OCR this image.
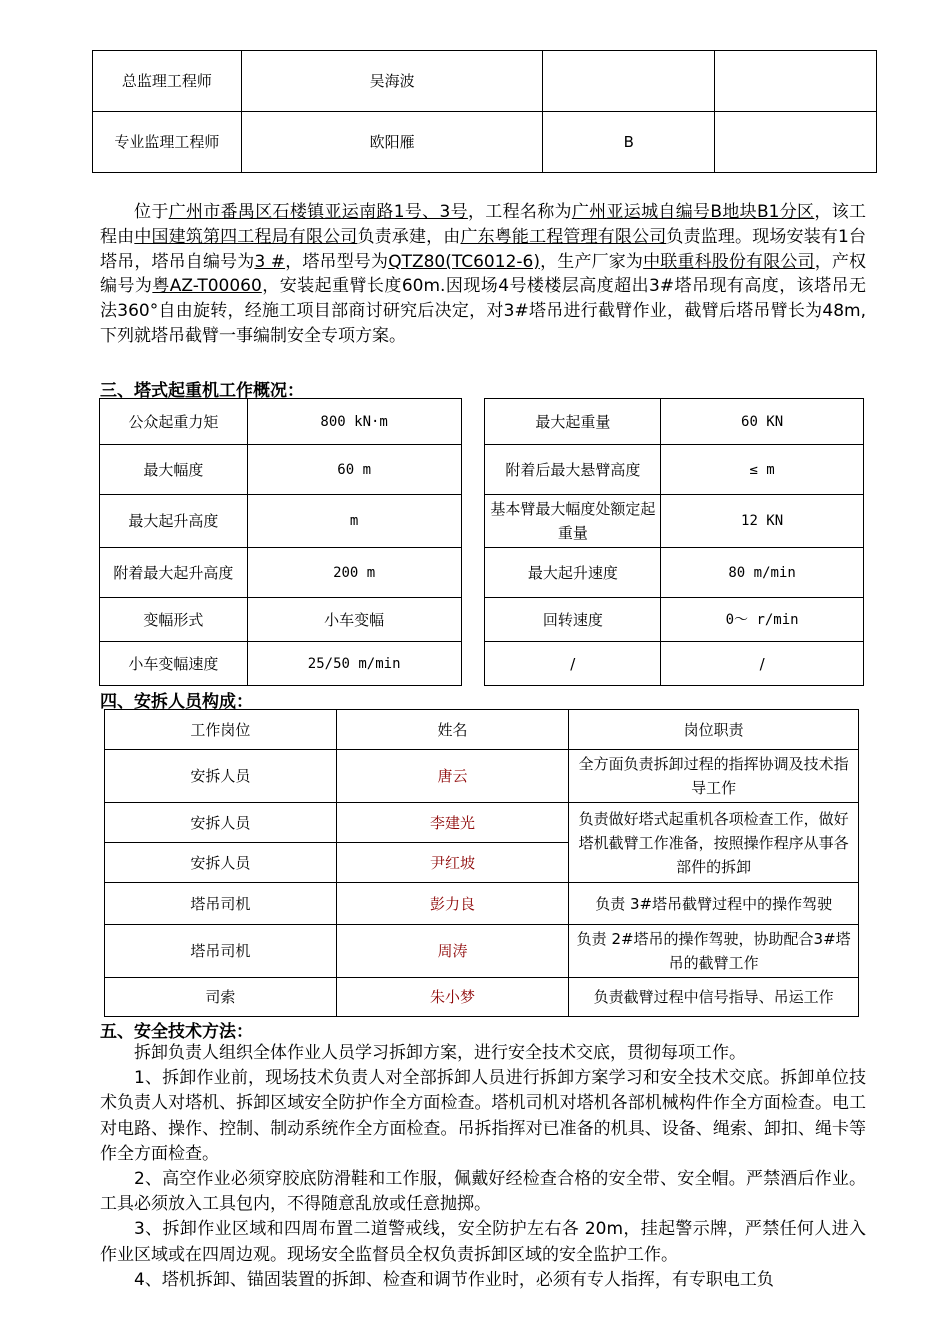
总监理工程师	吴海波		
专业监理工程师	欧阳雁	B	

位于广州市番禺区石楼镇亚运南路1号、3号，工程名称为广州亚运城自编号B地块B1分区，该工程由中国建筑第四工程局有限公司负责承建，由广东粤能工程管理有限公司负责监理。现场安装有1台塔吊，塔吊自编号为3 #，塔吊型号为QTZ80(TC6012-6)，生产厂家为中联重科股份有限公司，产权编号为粤AZ-T00060，安装起重臂长度60m.因现场4号楼楼层高度超出3#塔吊现有高度，该塔吊无法360°自由旋转，经施工项目部商讨研究后决定，对3#塔吊进行截臂作业，截臂后塔吊臂长为48m,下列就塔吊截臂一事编制安全专项方案。

三、塔式起重机工作概况：
公众起重力矩	800 kN·m		最大起重量	60 KN
最大幅度	60 m		附着后最大悬臂高度	≤ m
最大起升高度	m		基本臂最大幅度处额定起重量	12 KN
附着最大起升高度	200 m		最大起升速度	80 m/min
变幅形式	小车变幅		回转速度	0～ r/min
小车变幅速度	25/50 m/min		/	/
四、安拆人员构成：
工作岗位	姓名	岗位职责
安拆人员	唐云	全方面负责拆卸过程的指挥协调及技术指导工作
安拆人员	李建光	负责做好塔式起重机各项检查工作，做好塔机截臂工作准备，按照操作程序从事各部件的拆卸
安拆人员	尹红坡	
塔吊司机	彭力良	负责 3#塔吊截臂过程中的操作驾驶
塔吊司机	周涛	负责 2#塔吊的操作驾驶，协助配合3#塔吊的截臂工作
司索	朱小梦	负责截臂过程中信号指导、吊运工作
五、安全技术方法：

拆卸负责人组织全体作业人员学习拆卸方案，进行安全技术交底，贯彻每项工作。

1、拆卸作业前，现场技术负责人对全部拆卸人员进行拆卸方案学习和安全技术交底。拆卸单位技术负责人对塔机、拆卸区域安全防护作全方面检查。塔机司机对塔机各部机械构件作全方面检查。电工对电路、操作、控制、制动系统作全方面检查。吊拆指挥对已准备的机具、设备、绳索、卸扣、绳卡等作全方面检查。

2、高空作业必须穿胶底防滑鞋和工作服，佩戴好经检查合格的安全带、安全帽。严禁酒后作业。工具必须放入工具包内，不得随意乱放或任意抛掷。

3、拆卸作业区域和四周布置二道警戒线，安全防护左右各 20m，挂起警示牌，严禁任何人进入作业区域或在四周边观。现场安全监督员全权负责拆卸区域的安全监护工作。

4、塔机拆卸、锚固装置的拆卸、检查和调节作业时，必须有专人指挥，有专职电工负
